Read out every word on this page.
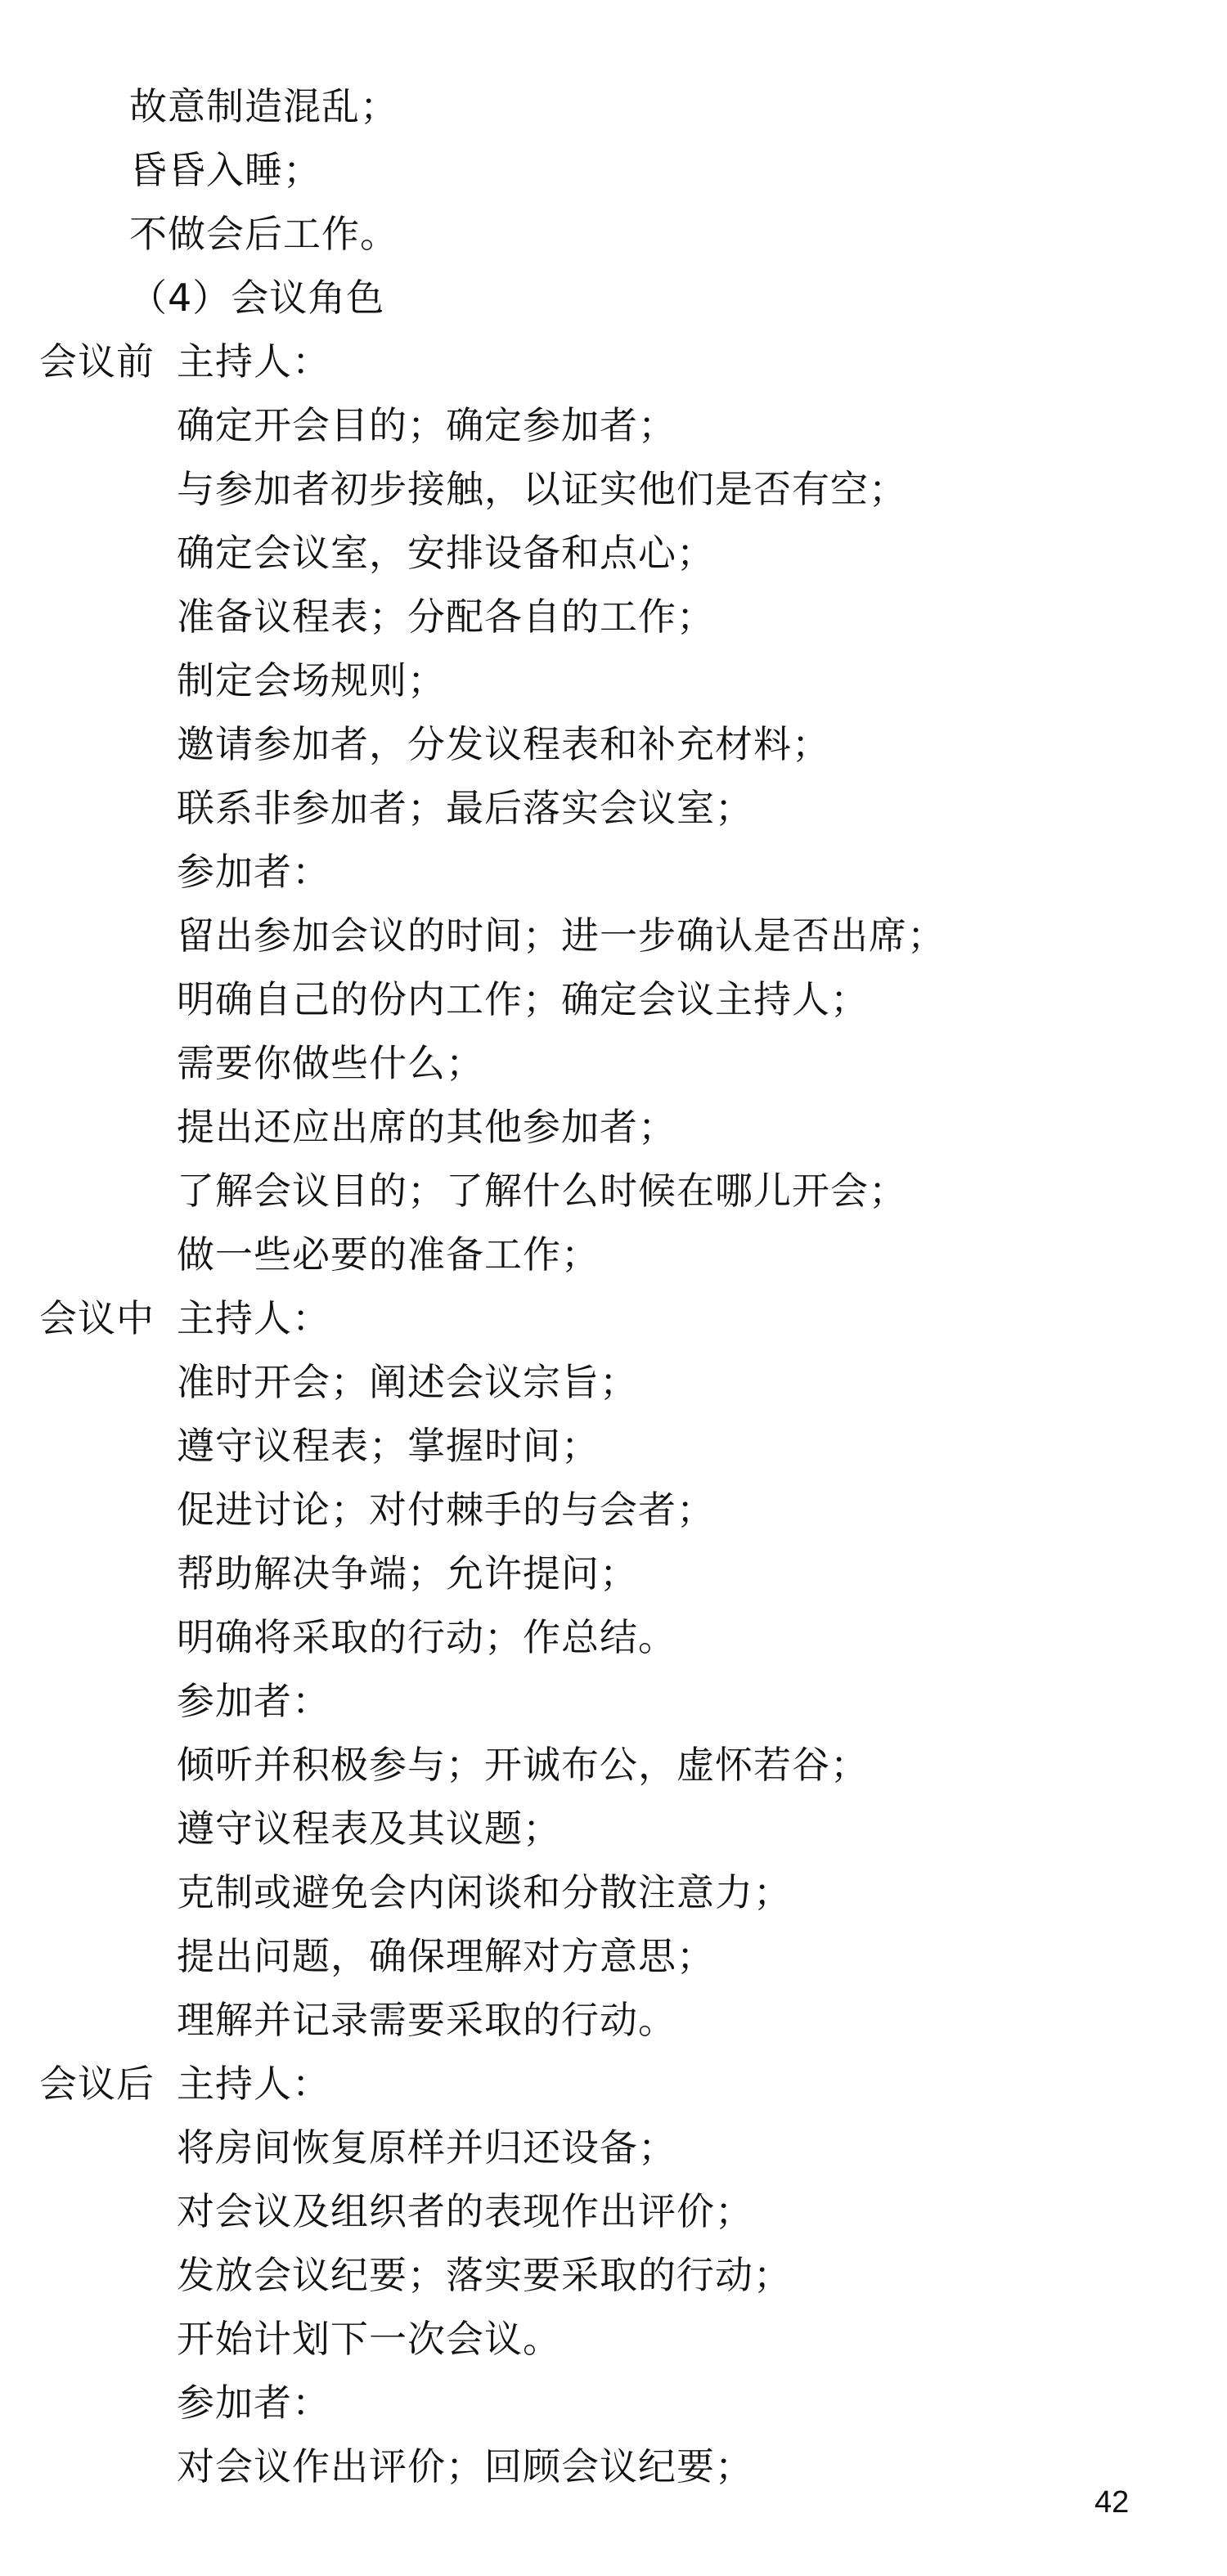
故意制造混乱；
昏昏入睡；
不做会后工作。
（4）会议角色
会议前 主持人：
确定开会目的；确定参加者；
与参加者初步接触，以证实他们是否有空；
确定会议室，安排设备和点心；
准备议程表；分配各自的工作；
制定会场规则；
邀请参加者，分发议程表和补充材料；
联系非参加者；最后落实会议室；
参加者：
留出参加会议的时间；进一步确认是否出席；
明确自己的份内工作；确定会议主持人；
需要你做些什么；
提出还应出席的其他参加者；
了解会议目的；了解什么时候在哪儿开会；
做一些必要的准备工作；
会议中 主持人：
准时开会；阐述会议宗旨；
遵守议程表；掌握时间；
促进讨论；对付棘手的与会者；
帮助解决争端；允许提问；
明确将采取的行动；作总结。
参加者：
倾听并积极参与；开诚布公，虚怀若谷；
遵守议程表及其议题；
克制或避免会内闲谈和分散注意力；
提出问题，确保理解对方意思；
理解并记录需要采取的行动。
会议后 主持人：
将房间恢复原样并归还设备；
对会议及组织者的表现作出评价；
发放会议纪要；落实要采取的行动；
开始计划下一次会议。
参加者：
对会议作出评价；回顾会议纪要；
42
